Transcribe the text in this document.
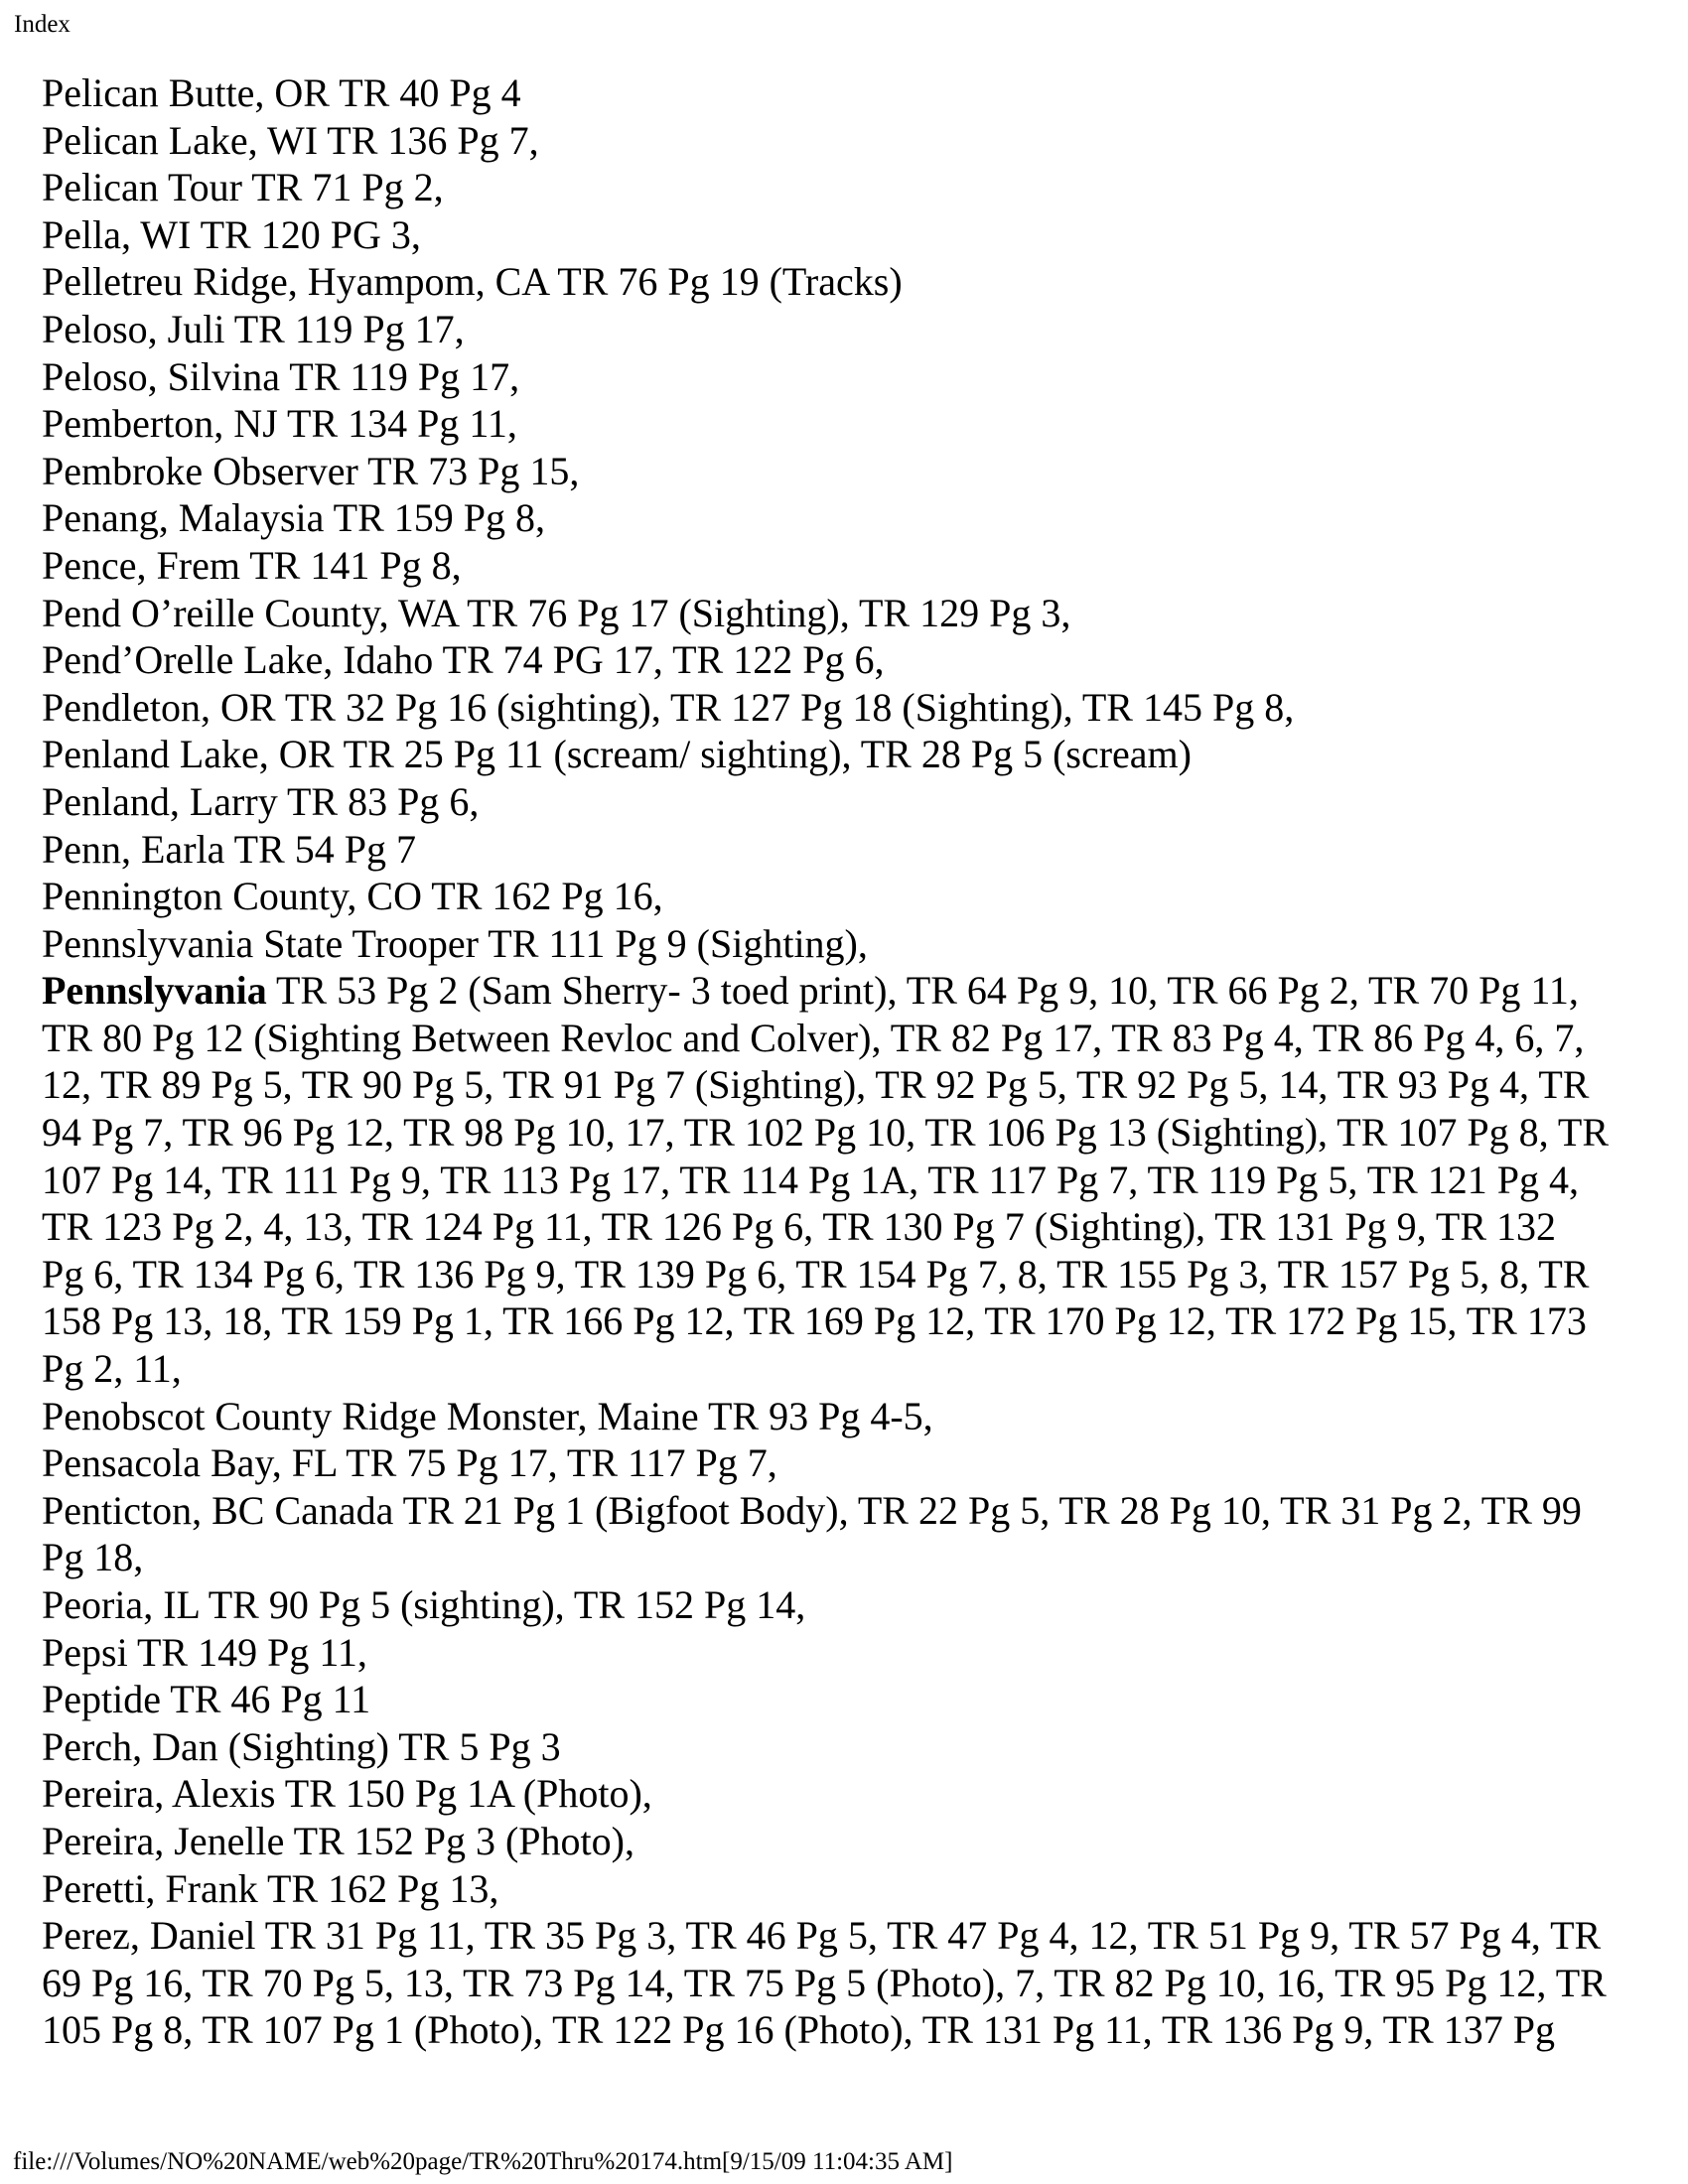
Index
Pelican Butte, OR TR 40 Pg 4
Pelican Lake, WI TR 136 Pg 7,
Pelican Tour TR 71 Pg 2,
Pella, WI TR 120 PG 3,
Pelletreu Ridge, Hyampom, CA TR 76 Pg 19 (Tracks)
Peloso, Juli TR 119 Pg 17,
Peloso, Silvina TR 119 Pg 17,
Pemberton, NJ TR 134 Pg 11,
Pembroke Observer TR 73 Pg 15,
Penang, Malaysia TR 159 Pg 8,
Pence, Frem TR 141 Pg 8,
Pend O’reille County, WA TR 76 Pg 17 (Sighting), TR 129 Pg 3,
Pend’Orelle Lake, Idaho TR 74 PG 17, TR 122 Pg 6,
Pendleton, OR TR 32 Pg 16 (sighting), TR 127 Pg 18 (Sighting), TR 145 Pg 8,
Penland Lake, OR TR 25 Pg 11 (scream/ sighting), TR 28 Pg 5 (scream)
Penland, Larry TR 83 Pg 6,
Penn, Earla TR 54 Pg 7
Pennington County, CO TR 162 Pg 16,
Pennslyvania State Trooper TR 111 Pg 9 (Sighting),
Pennslyvania TR 53 Pg 2 (Sam Sherry- 3 toed print), TR 64 Pg 9, 10, TR 66 Pg 2, TR 70 Pg 11,
TR 80 Pg 12 (Sighting Between Revloc and Colver), TR 82 Pg 17, TR 83 Pg 4, TR 86 Pg 4, 6, 7,
12, TR 89 Pg 5, TR 90 Pg 5, TR 91 Pg 7 (Sighting), TR 92 Pg 5, TR 92 Pg 5, 14, TR 93 Pg 4, TR
94 Pg 7, TR 96 Pg 12, TR 98 Pg 10, 17, TR 102 Pg 10, TR 106 Pg 13 (Sighting), TR 107 Pg 8, TR
107 Pg 14, TR 111 Pg 9, TR 113 Pg 17, TR 114 Pg 1A, TR 117 Pg 7, TR 119 Pg 5, TR 121 Pg 4,
TR 123 Pg 2, 4, 13, TR 124 Pg 11, TR 126 Pg 6, TR 130 Pg 7 (Sighting), TR 131 Pg 9, TR 132
Pg 6, TR 134 Pg 6, TR 136 Pg 9, TR 139 Pg 6, TR 154 Pg 7, 8, TR 155 Pg 3, TR 157 Pg 5, 8, TR
158 Pg 13, 18, TR 159 Pg 1, TR 166 Pg 12, TR 169 Pg 12, TR 170 Pg 12, TR 172 Pg 15, TR 173
Pg 2, 11,
Penobscot County Ridge Monster, Maine TR 93 Pg 4-5,
Pensacola Bay, FL TR 75 Pg 17, TR 117 Pg 7,
Penticton, BC Canada TR 21 Pg 1 (Bigfoot Body), TR 22 Pg 5, TR 28 Pg 10, TR 31 Pg 2, TR 99
Pg 18,
Peoria, IL TR 90 Pg 5 (sighting), TR 152 Pg 14,
Pepsi TR 149 Pg 11,
Peptide TR 46 Pg 11
Perch, Dan (Sighting) TR 5 Pg 3
Pereira, Alexis TR 150 Pg 1A (Photo),
Pereira, Jenelle TR 152 Pg 3 (Photo),
Peretti, Frank TR 162 Pg 13,
Perez, Daniel TR 31 Pg 11, TR 35 Pg 3, TR 46 Pg 5, TR 47 Pg 4, 12, TR 51 Pg 9, TR 57 Pg 4, TR
69 Pg 16, TR 70 Pg 5, 13, TR 73 Pg 14, TR 75 Pg 5 (Photo), 7, TR 82 Pg 10, 16, TR 95 Pg 12, TR
105 Pg 8, TR 107 Pg 1 (Photo), TR 122 Pg 16 (Photo), TR 131 Pg 11, TR 136 Pg 9, TR 137 Pg
file:///Volumes/NO%20NAME/web%20page/TR%20Thru%20174.htm[9/15/09 11:04:35 AM]
